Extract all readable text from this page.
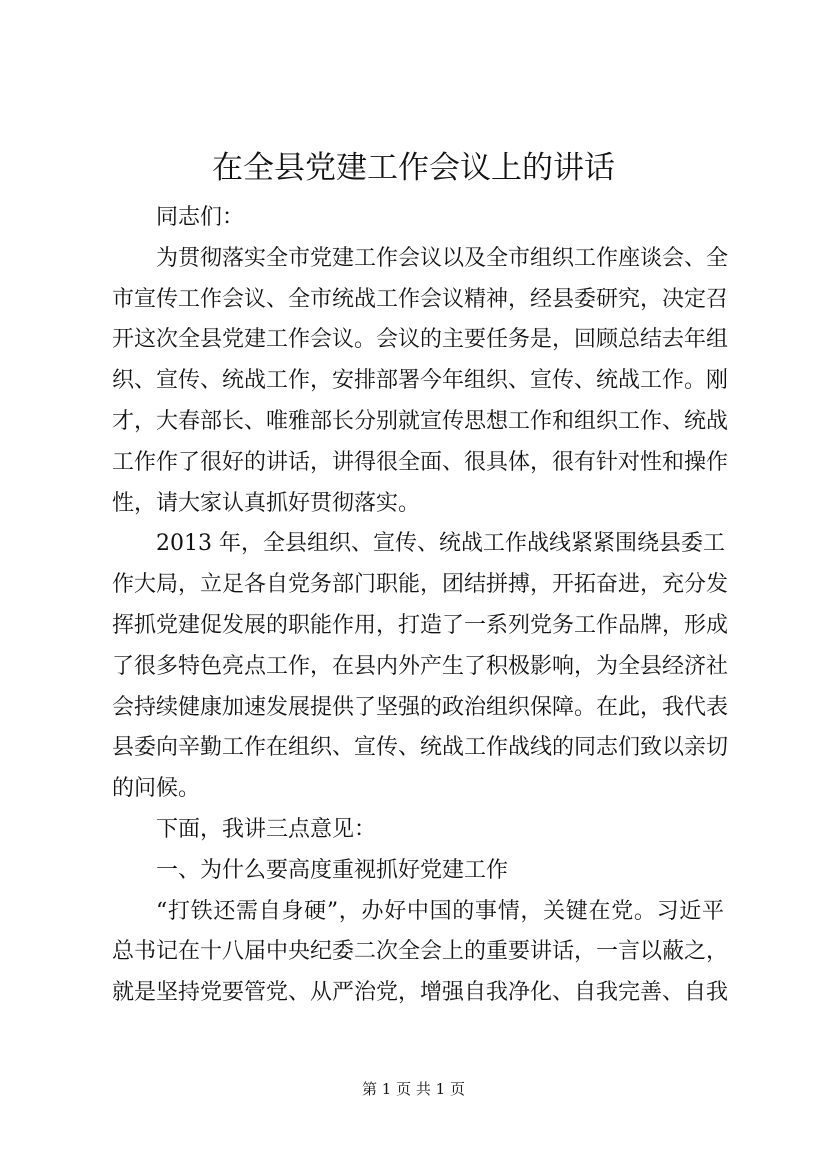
在全县党建工作会议上的讲话
同志们：
为贯彻落实全市党建工作会议以及全市组织工作座谈会、全
市宣传工作会议、全市统战工作会议精神，经县委研究，决定召
开这次全县党建工作会议。会议的主要任务是，回顾总结去年组
织、宣传、统战工作，安排部署今年组织、宣传、统战工作。刚
才，大春部长、唯雅部长分别就宣传思想工作和组织工作、统战
工作作了很好的讲话，讲得很全面、很具体，很有针对性和操作
性，请大家认真抓好贯彻落实。
2013 年，全县组织、宣传、统战工作战线紧紧围绕县委工
作大局，立足各自党务部门职能，团结拼搏，开拓奋进，充分发
挥抓党建促发展的职能作用，打造了一系列党务工作品牌，形成
了很多特色亮点工作，在县内外产生了积极影响，为全县经济社
会持续健康加速发展提供了坚强的政治组织保障。在此，我代表
县委向辛勤工作在组织、宣传、统战工作战线的同志们致以亲切
的问候。
下面，我讲三点意见：
一、为什么要高度重视抓好党建工作
“打铁还需自身硬”，办好中国的事情，关键在党。习近平
总书记在十八届中央纪委二次全会上的重要讲话，一言以蔽之，
就是坚持党要管党、从严治党，增强自我净化、自我完善、自我
第 1 页 共 1 页
